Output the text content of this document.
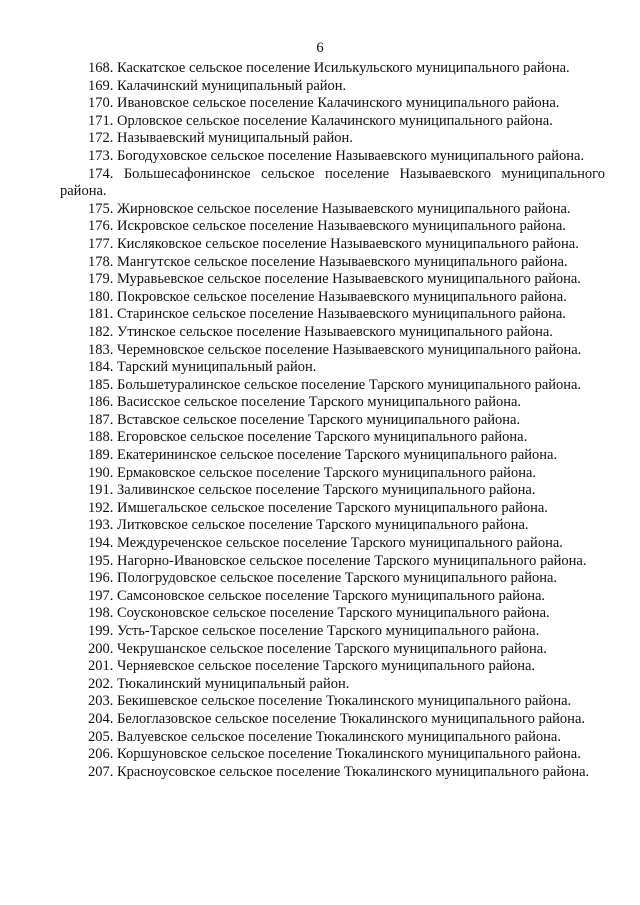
6

168. Каскатское сельское поселение Исилькульского муниципального района.

169. Калачинский муниципальный район.

170. Ивановское сельское поселение Калачинского муниципального района.

171. Орловское сельское поселение Калачинского муниципального района.

172. Называевский муниципальный район.

173. Богодуховское сельское поселение Называевского муниципального района.

174. Большесафонинское сельское поселение Называевского муниципального района.

175. Жирновское сельское поселение Называевского муниципального района.

176. Искровское сельское поселение Называевского муниципального района.

177. Кисляковское сельское поселение Называевского муниципального района.

178. Мангутское сельское поселение Называевского муниципального района.

179. Муравьевское сельское поселение Называевского муниципального района.

180. Покровское сельское поселение Называевского муниципального района.

181. Старинское сельское поселение Называевского муниципального района.

182. Утинское сельское поселение Называевского муниципального района.

183. Черемновское сельское поселение Называевского муниципального района.

184. Тарский муниципальный район.

185. Большетуралинское сельское поселение Тарского муниципального района.

186. Васисское сельское поселение Тарского муниципального района.

187. Вставское сельское поселение Тарского муниципального района.

188. Егоровское сельское поселение Тарского муниципального района.

189. Екатерининское сельское поселение Тарского муниципального района.

190. Ермаковское сельское поселение Тарского муниципального района.

191. Заливинское сельское поселение Тарского муниципального района.

192. Имшегальское сельское поселение Тарского муниципального района.

193. Литковское сельское поселение Тарского муниципального района.

194. Междуреченское сельское поселение Тарского муниципального района.

195. Нагорно-Ивановское сельское поселение Тарского муниципального района.

196. Пологрудовское сельское поселение Тарского муниципального района.

197. Самсоновское сельское поселение Тарского муниципального района.

198. Соусконовское сельское поселение Тарского муниципального района.

199. Усть-Тарское сельское поселение Тарского муниципального района.

200. Чекрушанское сельское поселение Тарского муниципального района.

201. Черняевское сельское поселение Тарского муниципального района.

202. Тюкалинский муниципальный район.

203. Бекишевское сельское поселение Тюкалинского муниципального района.

204. Белоглазовское сельское поселение Тюкалинского муниципального района.

205. Валуевское сельское поселение Тюкалинского муниципального района.

206. Коршуновское сельское поселение Тюкалинского муниципального района.

207. Красноусовское сельское поселение Тюкалинского муниципального района.
